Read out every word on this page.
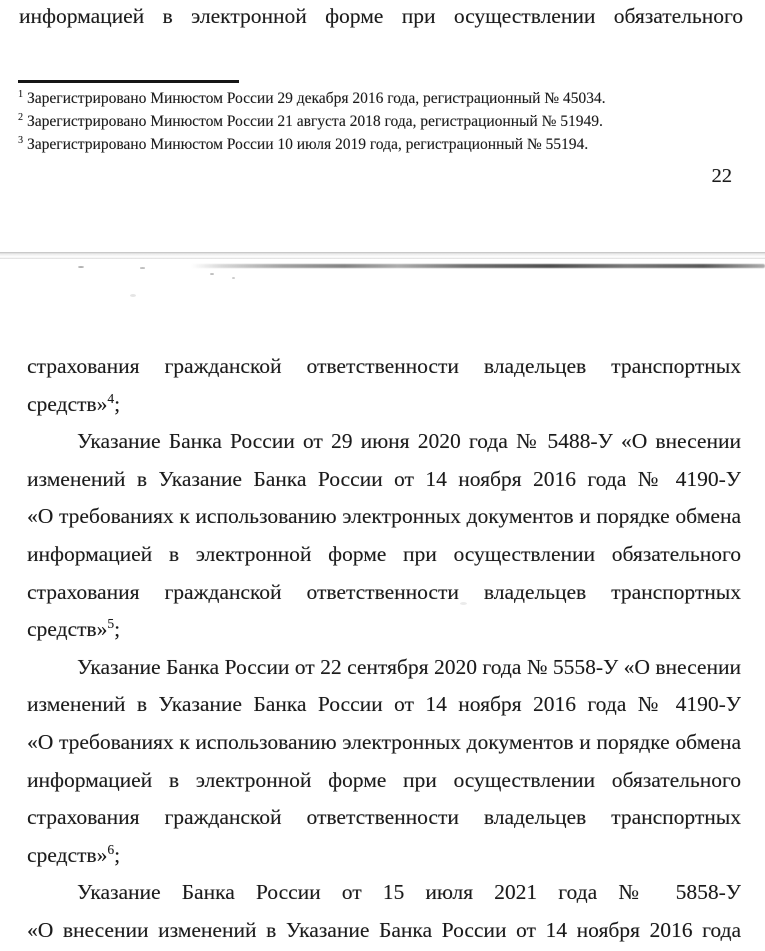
информацией в электронной форме при осуществлении обязательного
$^1$ Зарегистрировано Минюстом России 29 декабря 2016 года, регистрационный № 45034.
$^2$ Зарегистрировано Минюстом России 21 августа 2018 года, регистрационный № 51949.
$^3$ Зарегистрировано Минюстом России 10 июля 2019 года, регистрационный № 55194.
22
страхования гражданской ответственности владельцев транспортных
средств»$^4$;
Указание Банка России от 29 июня 2020 года № 5488-У «О внесении
изменений в Указание Банка России от 14 ноября 2016 года № 4190-У
«О требованиях к использованию электронных документов и порядке обмена
информацией в электронной форме при осуществлении обязательного
страхования гражданской ответственности владельцев транспортных
средств»$^5$;
Указание Банка России от 22 сентября 2020 года № 5558-У «О внесении
изменений в Указание Банка России от 14 ноября 2016 года № 4190-У
«О требованиях к использованию электронных документов и порядке обмена
информацией в электронной форме при осуществлении обязательного
страхования гражданской ответственности владельцев транспортных
средств»$^6$;
Указание Банка России от 15 июля 2021 года № 5858-У
«О внесении изменений в Указание Банка России от 14 ноября 2016 года
